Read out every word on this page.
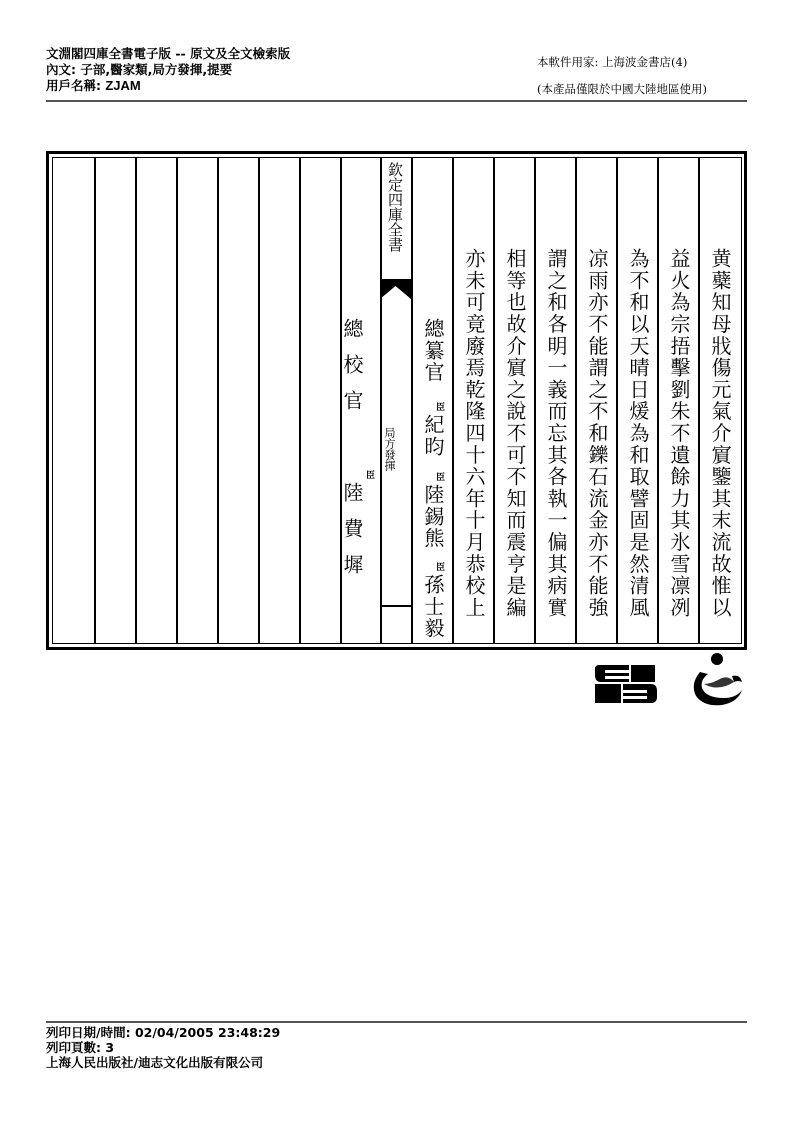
文淵閣四庫全書電子版 -- 原文及全文檢索版
內文: 子部,醫家類,局方發揮,提要
用戶名稱: ZJAM
本軟件用家: 上海波金書店(4)
(本產品僅限於中國大陸地區使用)
黄蘗知母戕傷元氣介賔鑒其末流故惟以
益火為宗捂擊劉朱不遺餘力其氷雪凛冽
為不和以天晴日煖為和取譬固是然清風
凉雨亦不能謂之不和鑠石流金亦不能強
謂之和各明一義而忘其各執一偏其病實
相等也故介賔之說不可不知而震亨是編
亦未可竟廢焉乾隆四十六年十月恭校上
總纂官
臣
紀昀
臣
陸錫熊
臣
孫士毅
欽定四庫全書
局方發揮
總校官
臣
陸費墀
列印日期/時間: 02/04/2005 23:48:29
列印頁數: 3
上海人民出版社/迪志文化出版有限公司
